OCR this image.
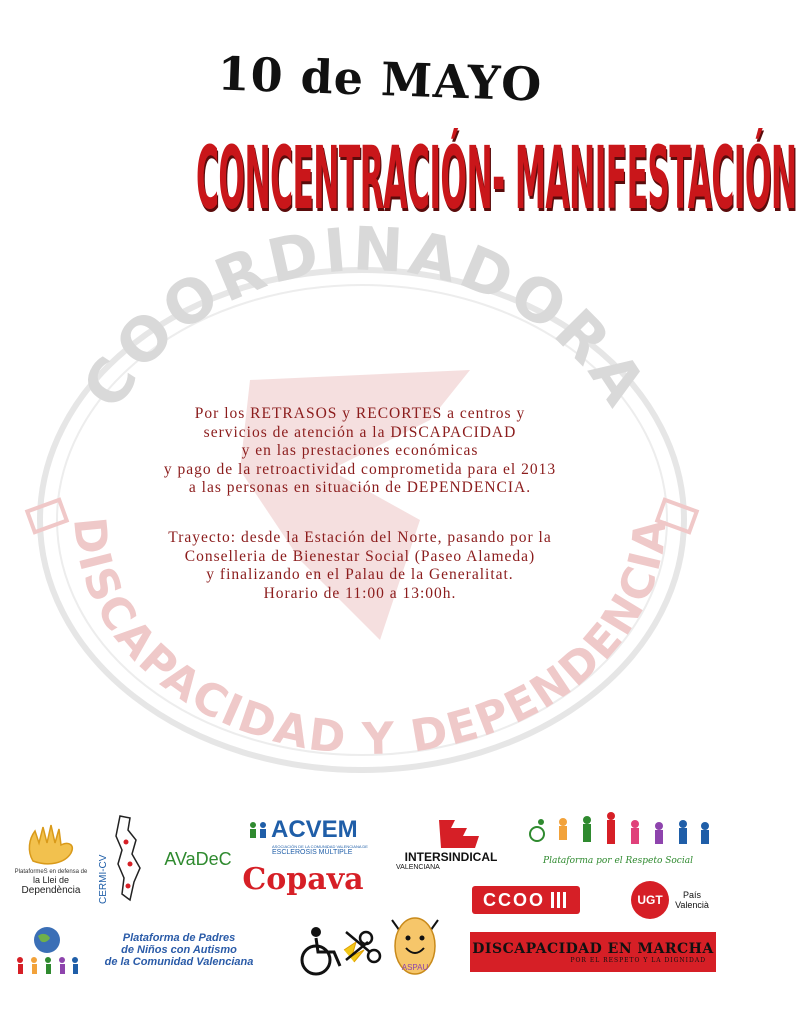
COORDINADORA
DISCAPACIDAD Y DEPENDENCIA
10 de MAYO
CONCENTRACIÓN- MANIFESTACIÓN

Por los RETRASOS y RECORTES a centros y

servicios de atención a la DISCAPACIDAD

y en las prestaciones económicas

y pago de la retroactividad comprometida para el 2013

a las personas en situación de DEPENDENCIA.

Trayecto: desde la Estación del Norte, pasando por la

Conselleria de Bienestar Social (Paseo Alameda)

y finalizando en el Palau de la Generalitat.

Horario de 11:00 a 13:00h.

PlataformeS en defensa de
la Llei de
Dependència CERMI-CV	AVaDeC
ACVEM
ASOCIACIÓN DE LA COMUNIDAD VALENCIANA DE
ESCLEROSIS MÚLTIPLE
Copava
INTERSINDICAL
VALENCIANA
Plataforma por el Respeto Social
CCOO	UGT	País
Valencià
Plataforma de Padres
de Niños con Autismo
de la Comunidad Valenciana	ASPAU
DISCAPACIDAD EN MARCHA
POR EL RESPETO Y LA DIGNIDAD
